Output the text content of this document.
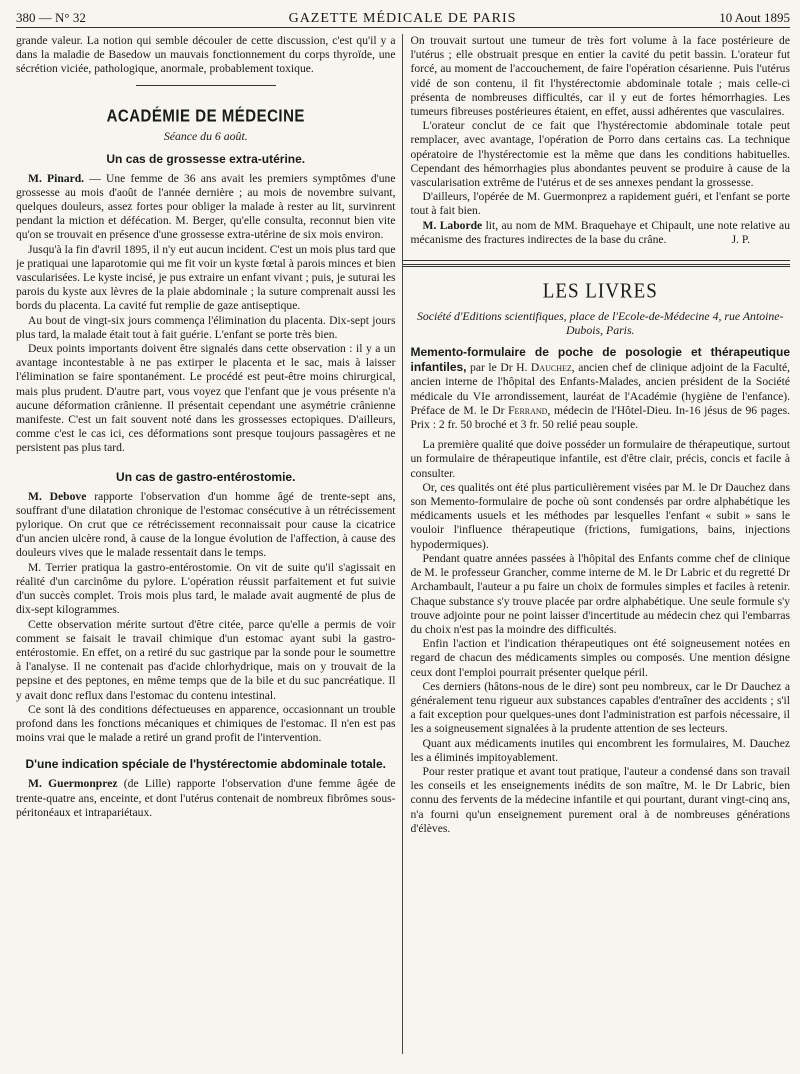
380 — N° 32	GAZETTE MÉDICALE DE PARIS	10 Aout 1895

grande valeur. La notion qui semble découler de cette discussion, c'est qu'il y a dans la maladie de Basedow un mauvais fonctionnement du corps thyroïde, une sécrétion viciée, pathologique, anormale, probablement toxique.

ACADÉMIE DE MÉDECINE
Séance du 6 août.
Un cas de grossesse extra-utérine.

M. Pinard. — Une femme de 36 ans avait les premiers symptômes d'une grossesse au mois d'août de l'année dernière ; au mois de novembre suivant, quelques douleurs, assez fortes pour obliger la malade à rester au lit, survinrent pendant la miction et défécation. M. Berger, qu'elle consulta, reconnut bien vite qu'on se trouvait en présence d'une grossesse extra-utérine de six mois environ.

Jusqu'à la fin d'avril 1895, il n'y eut aucun incident. C'est un mois plus tard que je pratiquai une laparotomie qui me fit voir un kyste fœtal à parois minces et bien vascularisées. Le kyste incisé, je pus extraire un enfant vivant ; puis, je suturai les parois du kyste aux lèvres de la plaie abdominale ; la suture comprenait aussi les bords du placenta. La cavité fut remplie de gaze antiseptique.

Au bout de vingt-six jours commença l'élimination du placenta. Dix-sept jours plus tard, la malade était tout à fait guérie. L'enfant se porte très bien.

Deux points importants doivent être signalés dans cette observation : il y a un avantage incontestable à ne pas extirper le placenta et le sac, mais à laisser l'élimination se faire spontanément. Le procédé est peut-être moins chirurgical, mais plus prudent. D'autre part, vous voyez que l'enfant que je vous présente n'a aucune déformation crânienne. Il présentait cependant une asymétrie crânienne manifeste. C'est un fait souvent noté dans les grossesses ectopiques. D'ailleurs, comme c'est le cas ici, ces déformations sont presque toujours passagères et ne persistent pas plus tard.

Un cas de gastro-entérostomie.

M. Debove rapporte l'observation d'un homme âgé de trente-sept ans, souffrant d'une dilatation chronique de l'estomac consécutive à un rétrécissement pylorique. On crut que ce rétrécissement reconnaissait pour cause la cicatrice d'un ancien ulcère rond, à cause de la longue évolution de l'affection, à cause des douleurs vives que le malade ressentait dans le temps.

M. Terrier pratiqua la gastro-entérostomie. On vit de suite qu'il s'agissait en réalité d'un carcinôme du pylore. L'opération réussit parfaitement et fut suivie d'un succès complet. Trois mois plus tard, le malade avait augmenté de plus de dix-sept kilogrammes.

Cette observation mérite surtout d'être citée, parce qu'elle a permis de voir comment se faisait le travail chimique d'un estomac ayant subi la gastro-entérostomie. En effet, on a retiré du suc gastrique par la sonde pour le soumettre à l'analyse. Il ne contenait pas d'acide chlorhydrique, mais on y trouvait de la pepsine et des peptones, en même temps que de la bile et du suc pancréatique. Il y avait donc reflux dans l'estomac du contenu intestinal.

Ce sont là des conditions défectueuses en apparence, occasionnant un trouble profond dans les fonctions mécaniques et chimiques de l'estomac. Il n'en est pas moins vrai que le malade a retiré un grand profit de l'intervention.

D'une indication spéciale de l'hystérectomie abdominale totale.

M. Guermonprez (de Lille) rapporte l'observation d'une femme âgée de trente-quatre ans, enceinte, et dont l'utérus contenait de nombreux fibrômes sous-péritonéaux et intrapariétaux.

On trouvait surtout une tumeur de très fort volume à la face postérieure de l'utérus ; elle obstruait presque en entier la cavité du petit bassin. L'orateur fut forcé, au moment de l'accouchement, de faire l'opération césarienne. Puis l'utérus vidé de son contenu, il fit l'hystérectomie abdominale totale ; mais celle-ci présenta de nombreuses difficultés, car il y eut de fortes hémorrhagies. Les tumeurs fibreuses postérieures étaient, en effet, aussi adhérentes que vasculaires.

L'orateur conclut de ce fait que l'hystérectomie abdominale totale peut remplacer, avec avantage, l'opération de Porro dans certains cas. La technique opératoire de l'hystérectomie est la même que dans les conditions habituelles. Cependant des hémorrhagies plus abondantes peuvent se produire à cause de la vascularisation extrême de l'utérus et de ses annexes pendant la grossesse.

D'ailleurs, l'opérée de M. Guermonprez a rapidement guéri, et l'enfant se porte tout à fait bien.

M. Laborde lit, au nom de MM. Braquehaye et Chipault, une note relative au mécanisme des fractures indirectes de la base du crâne.	J. P.
LES LIVRES
Société d'Editions scientifiques, place de l'Ecole-de-Médecine 4, rue Antoine-Dubois, Paris.

Memento-formulaire de poche de posologie et thérapeutique infantiles, par le Dr H. Dauchez, ancien chef de clinique adjoint de la Faculté, ancien interne de l'hôpital des Enfants-Malades, ancien président de la Société médicale du VIe arrondissement, lauréat de l'Académie (hygiène de l'enfance). Préface de M. le Dr Ferrand, médecin de l'Hôtel-Dieu. In-16 jésus de 96 pages. Prix : 2 fr. 50 broché et 3 fr. 50 relié peau souple.

La première qualité que doive posséder un formulaire de thérapeutique, surtout un formulaire de thérapeutique infantile, est d'être clair, précis, concis et facile à consulter.

Or, ces qualités ont été plus particulièrement visées par M. le Dr Dauchez dans son Memento-formulaire de poche où sont condensés par ordre alphabétique les médicaments usuels et les méthodes par lesquelles l'enfant « subit » sans le vouloir l'influence thérapeutique (frictions, fumigations, bains, injections hypodermiques).

Pendant quatre années passées à l'hôpital des Enfants comme chef de clinique de M. le professeur Grancher, comme interne de M. le Dr Labric et du regretté Dr Archambault, l'auteur a pu faire un choix de formules simples et faciles à retenir. Chaque substance s'y trouve placée par ordre alphabétique. Une seule formule s'y trouve adjointe pour ne point laisser d'incertitude au médecin chez qui l'embarras du choix n'est pas la moindre des difficultés.

Enfin l'action et l'indication thérapeutiques ont été soigneusement notées en regard de chacun des médicaments simples ou composés. Une mention désigne ceux dont l'emploi pourrait présenter quelque péril.

Ces derniers (hâtons-nous de le dire) sont peu nombreux, car le Dr Dauchez a généralement tenu rigueur aux substances capables d'entraîner des accidents ; s'il a fait exception pour quelques-unes dont l'administration est parfois nécessaire, il les a soigneusement signalées à la prudente attention de ses lecteurs.

Quant aux médicaments inutiles qui encombrent les formulaires, M. Dauchez les a éliminés impitoyablement.

Pour rester pratique et avant tout pratique, l'auteur a condensé dans son travail les conseils et les enseignements inédits de son maître, M. le Dr Labric, bien connu des fervents de la médecine infantile et qui pourtant, durant vingt-cinq ans, n'a fourni qu'un enseignement purement oral à de nombreuses générations d'élèves.
